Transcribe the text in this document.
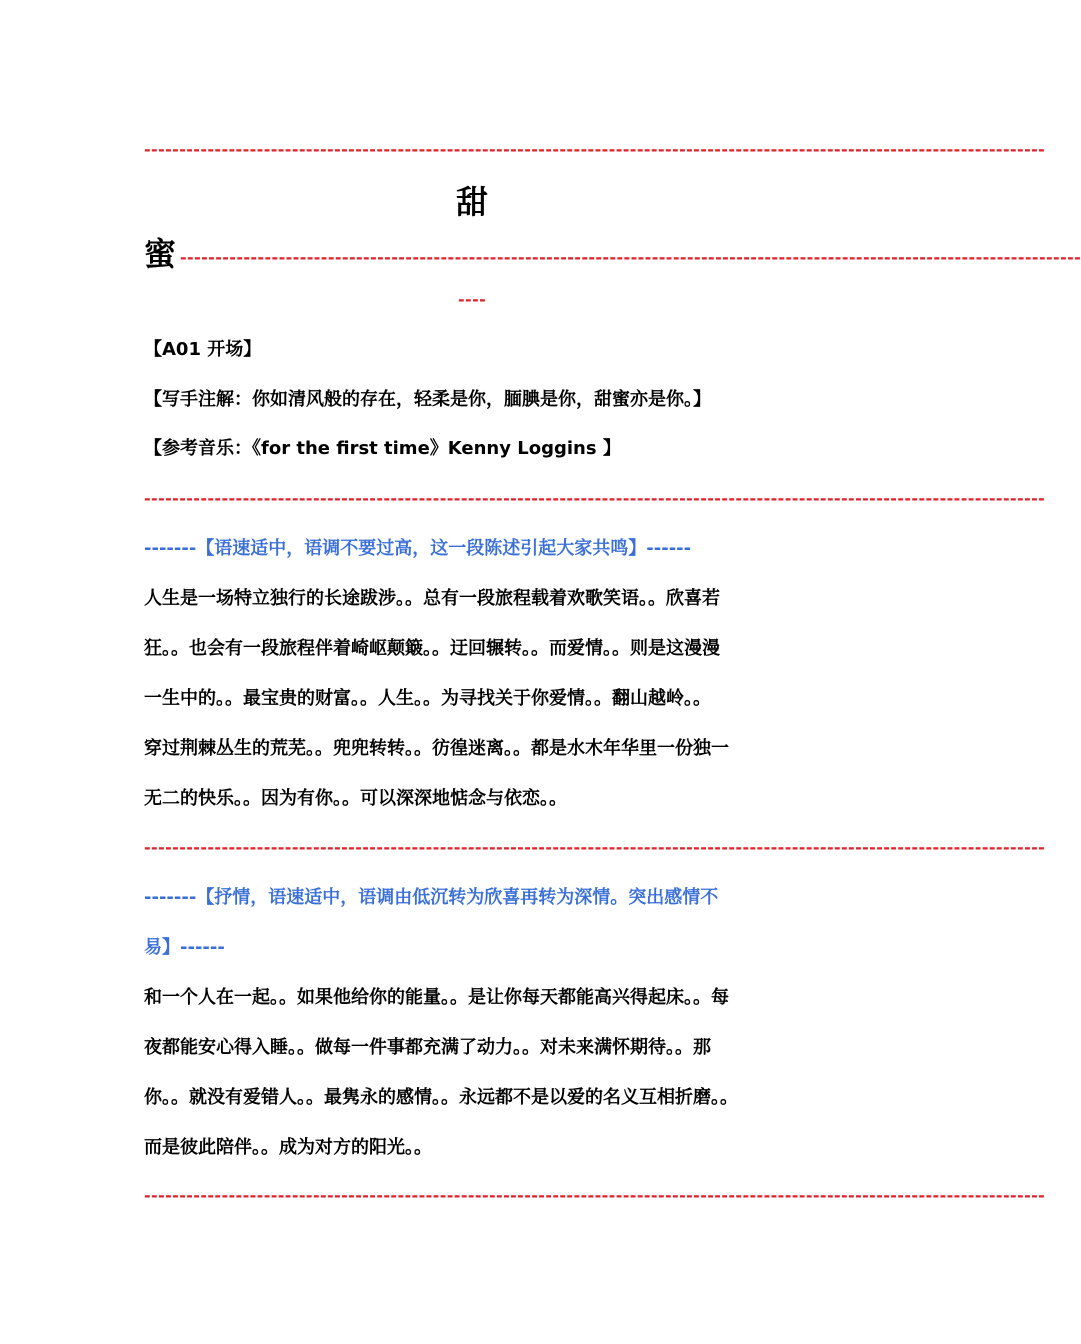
--------------------------------------------------------------------------------------------------------------------------------
甜
蜜 --------------------------------------------------------------------------------------------------------------------------------
----
【A01 开场】
【写手注解：你如清风般的存在，轻柔是你，腼腆是你，甜蜜亦是你。】
【参考音乐：《for the first time》Kenny Loggins 】
--------------------------------------------------------------------------------------------------------------------------------
-------【语速适中，语调不要过高，这一段陈述引起大家共鸣】------
人生是一场特立独行的长途跋涉。。总有一段旅程载着欢歌笑语。。欣喜若
狂。。也会有一段旅程伴着崎岖颠簸。。迂回辗转。。而爱情。。则是这漫漫
一生中的。。最宝贵的财富。。人生。。为寻找关于你爱情。。翻山越岭。。
穿过荆棘丛生的荒芜。。兜兜转转。。彷徨迷离。。都是水木年华里一份独一
无二的快乐。。因为有你。。可以深深地惦念与依恋。。
--------------------------------------------------------------------------------------------------------------------------------
-------【抒情，语速适中，语调由低沉转为欣喜再转为深情。突出感情不
易】------
和一个人在一起。。如果他给你的能量。。是让你每天都能高兴得起床。。每
夜都能安心得入睡。。做每一件事都充满了动力。。对未来满怀期待。。那
你。。就没有爱错人。。最隽永的感情。。永远都不是以爱的名义互相折磨。。
而是彼此陪伴。。成为对方的阳光。。
--------------------------------------------------------------------------------------------------------------------------------
